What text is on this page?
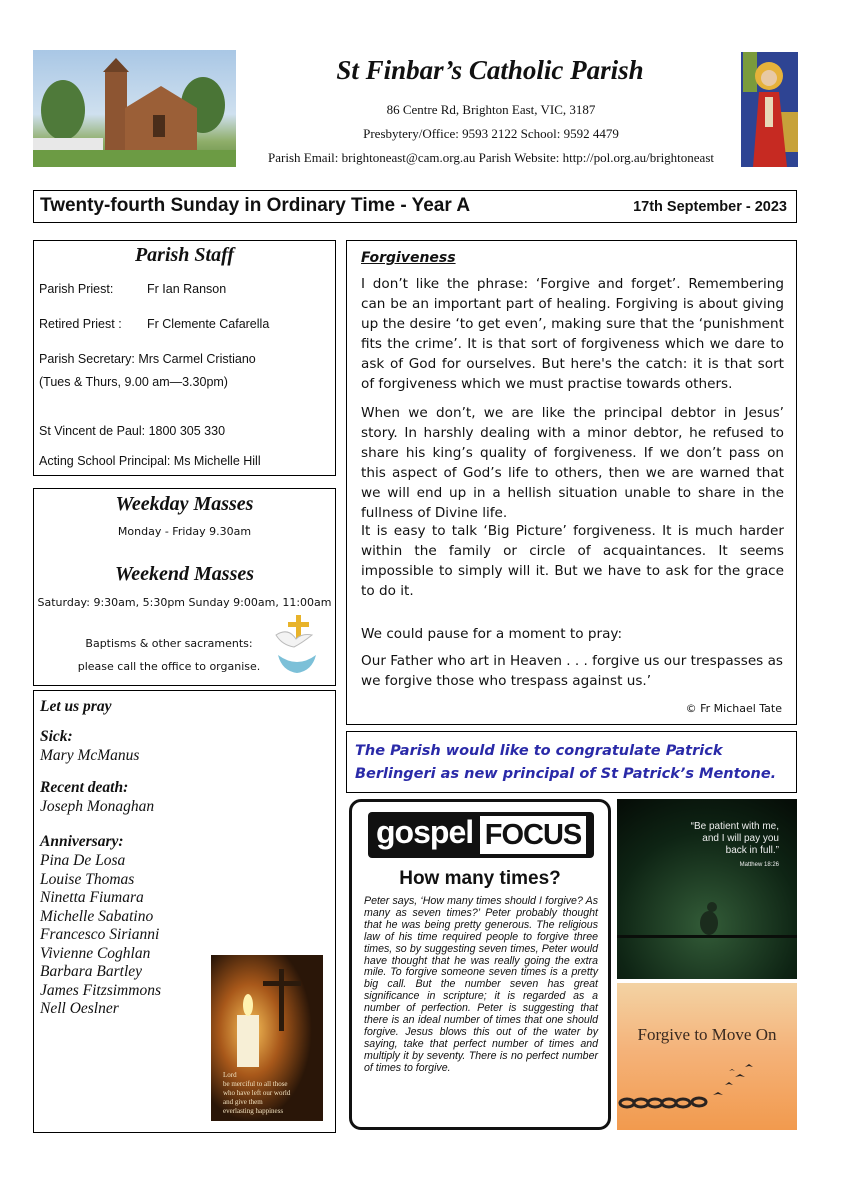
St Finbar’s Catholic Parish
86 Centre Rd, Brighton East, VIC, 3187
Presbytery/Office: 9593 2122 School: 9592 4479
Parish Email: brightoneast@cam.org.au Parish Website: http://pol.org.au/brightoneast
Twenty-fourth Sunday in Ordinary Time - Year A	17th September - 2023
Parish Staff
Parish Priest:	Fr Ian Ranson
Retired Priest : Fr Clemente Cafarella
Parish Secretary: Mrs Carmel Cristiano
(Tues & Thurs, 9.00 am—3.30pm)
St Vincent de Paul: 1800 305 330
Acting School Principal: Ms Michelle Hill
Weekday Masses
Monday - Friday 9.30am
Weekend Masses
Saturday: 9:30am, 5:30pm Sunday 9:00am, 11:00am
Baptisms & other sacraments:
please call the office to organise.
Let us pray
Sick:
Mary McManus
Recent death:
Joseph Monaghan
Anniversary:
Pina De Losa
Louise Thomas
Ninetta Fiumara
Michelle Sabatino
Francesco Sirianni
Vivienne Coghlan
Barbara Bartley
James Fitzsimmons
Nell Oeslner
Lord
be merciful to all those
who have left our world
and give them
everlasting happiness
Forgiveness

I don’t like the phrase: ‘Forgive and forget’. Remembering can be an important part of healing. Forgiving is about giving up the desire ‘to get even’, making sure that the ‘punishment fits the crime’. It is that sort of forgiveness which we dare to ask of God for ourselves. But here's the catch: it is that sort of forgiveness which we must practise towards others.

When we don’t, we are like the principal debtor in Jesus’ story. In harshly dealing with a minor debtor, he refused to share his king’s quality of forgiveness. If we don’t pass on this aspect of God’s life to others, then we are warned that we will end up in a hellish situation unable to share in the fullness of Divine life.

It is easy to talk ‘Big Picture’ forgiveness. It is much harder within the family or circle of acquaintances. It seems impossible to simply will it. But we have to ask for the grace to do it.

We could pause for a moment to pray:

Our Father who art in Heaven . . . forgive us our trespasses as we forgive those who trespass against us.’

© Fr Michael Tate
The Parish would like to congratulate Patrick Berlingeri as new principal of St Patrick’s Mentone.
gospel FOCUS
How many times?
Peter says, ‘How many times should I forgive? As many as seven times?’ Peter probably thought that he was being pretty generous. The religious law of his time required people to forgive three times, so by suggesting seven times, Peter would have thought that he was really going the extra mile. To forgive someone seven times is a pretty big call. But the number seven has great significance in scripture; it is regarded as a number of perfection. Peter is suggesting that there is an ideal number of times that one should forgive. Jesus blows this out of the water by saying, take that perfect number of times and multiply it by seventy. There is no perfect number of times to forgive.
“Be patient with me,
and I will pay you
back in full.”
Matthew 18:26
Forgive to Move On
